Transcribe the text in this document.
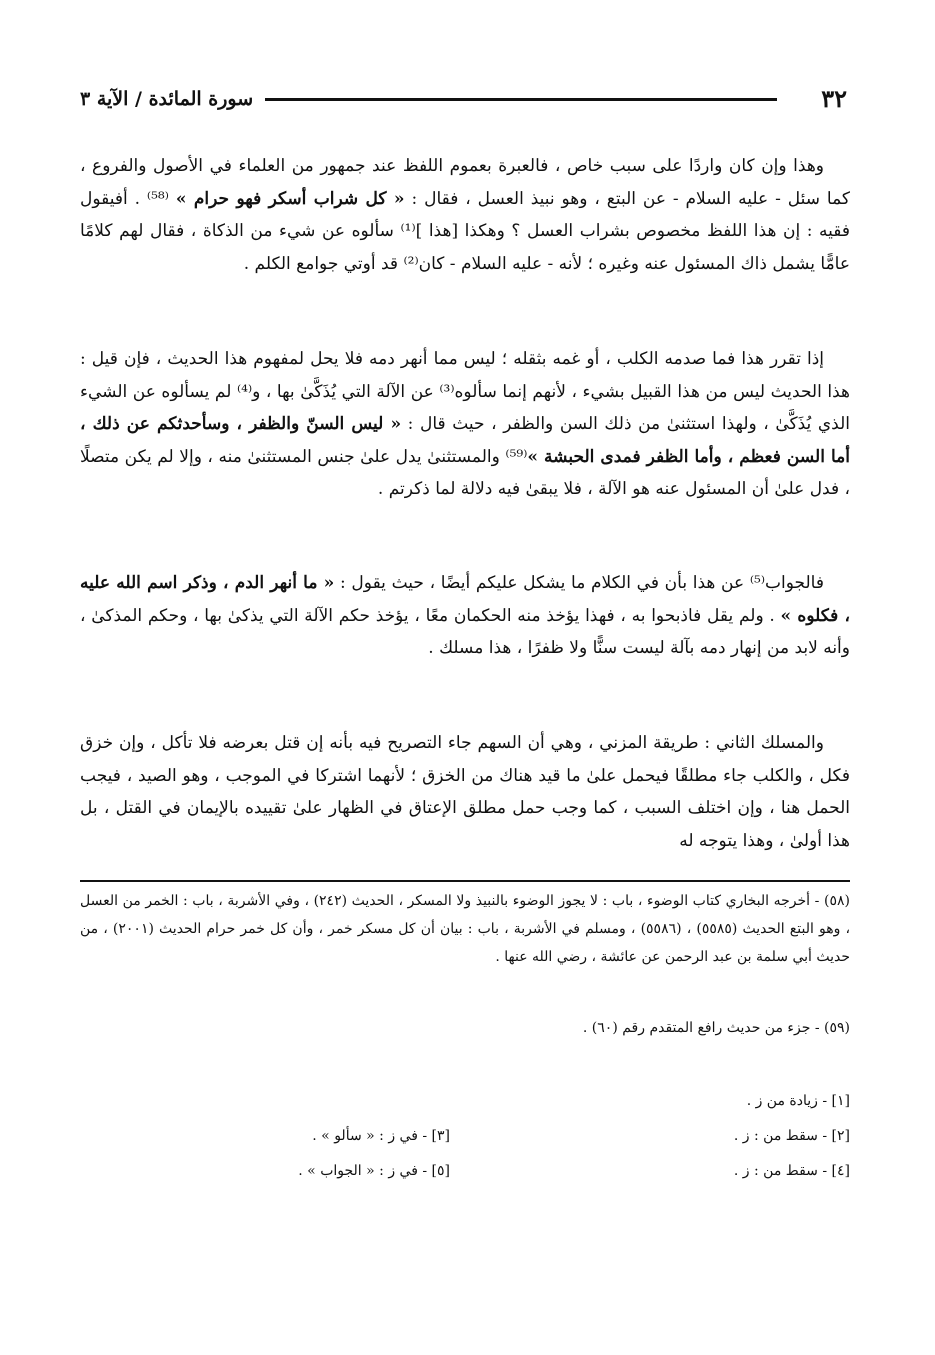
٣٢
سورة المائدة / الآية ٣

وهذا وإن كان واردًا على سبب خاص ، فالعبرة بعموم اللفظ عند جمهور من العلماء في الأصول والفروع ، كما سئل - عليه السلام - عن البتع ، وهو نبيذ العسل ، فقال : « كل شراب أسكر فهو حرام » ⁽⁵⁸⁾ . أفيقول فقيه : إن هذا اللفظ مخصوص بشراب العسل ؟ وهكذا [هذا ]⁽¹⁾ سألوه عن شيء من الذكاة ، فقال لهم كلامًا عامًّا يشمل ذاك المسئول عنه وغيره ؛ لأنه - عليه السلام - كان⁽²⁾ قد أوتي جوامع الكلم .

إذا تقرر هذا فما صدمه الكلب ، أو غمه بثقله ؛ ليس مما أنهر دمه فلا يحل لمفهوم هذا الحديث ، فإن قيل : هذا الحديث ليس من هذا القبيل بشيء ، لأنهم إنما سألوه⁽³⁾ عن الآلة التي يُذَكَّىٰ بها ، و⁽⁴⁾ لم يسألوه عن الشيء الذي يُذَكَّىٰ ، ولهذا استثنىٰ من ذلك السن والظفر ، حيث قال : « ليس السنّ والظفر ، وسأحدثكم عن ذلك ، أما السن فعظم ، وأما الظفر فمدى الحبشة »⁽⁵⁹⁾ والمستثنىٰ يدل علىٰ جنس المستثنىٰ منه ، وإلا لم يكن متصلًا ، فدل علىٰ أن المسئول عنه هو الآلة ، فلا يبقىٰ فيه دلالة لما ذكرتم .

فالجواب⁽⁵⁾ عن هذا بأن في الكلام ما يشكل عليكم أيضًا ، حيث يقول : « ما أنهر الدم ، وذكر اسم الله عليه ، فكلوه » . ولم يقل فاذبحوا به ، فهذا يؤخذ منه الحكمان معًا ، يؤخذ حكم الآلة التي يذكىٰ بها ، وحكم المذكىٰ ، وأنه لابد من إنهار دمه بآلة ليست سنًّا ولا ظفرًا ، هذا مسلك .

والمسلك الثاني : طريقة المزني ، وهي أن السهم جاء التصريح فيه بأنه إن قتل بعرضه فلا تأكل ، وإن خزق فكل ، والكلب جاء مطلقًا فيحمل علىٰ ما قيد هناك من الخزق ؛ لأنهما اشتركا في الموجب ، وهو الصيد ، فيجب الحمل هنا ، وإن اختلف السبب ، كما وجب حمل مطلق الإعتاق في الظهار علىٰ تقييده بالإيمان في القتل ، بل هذا أولىٰ ، وهذا يتوجه له

(٥٨) - أخرجه البخاري كتاب الوضوء ، باب : لا يجوز الوضوء بالنبيذ ولا المسكر ، الحديث (٢٤٢) ، وفي الأشربة ، باب : الخمر من العسل ، وهو البتع الحديث (٥٥٨٥) ، (٥٥٨٦) ، ومسلم في الأشربة ، باب : بيان أن كل مسكر خمر ، وأن كل خمر حرام الحديث (٢٠٠١) ، من حديث أبي سلمة بن عبد الرحمن عن عائشة ، رضي الله عنها .

(٥٩) - جزء من حديث رافع المتقدم رقم (٦٠) .

[١] - زيادة من ز .
[٢] - سقط من : ز .
[٣] - في ز : « سألو » .
[٤] - سقط من : ز .
[٥] - في ز : « الجواب » .
